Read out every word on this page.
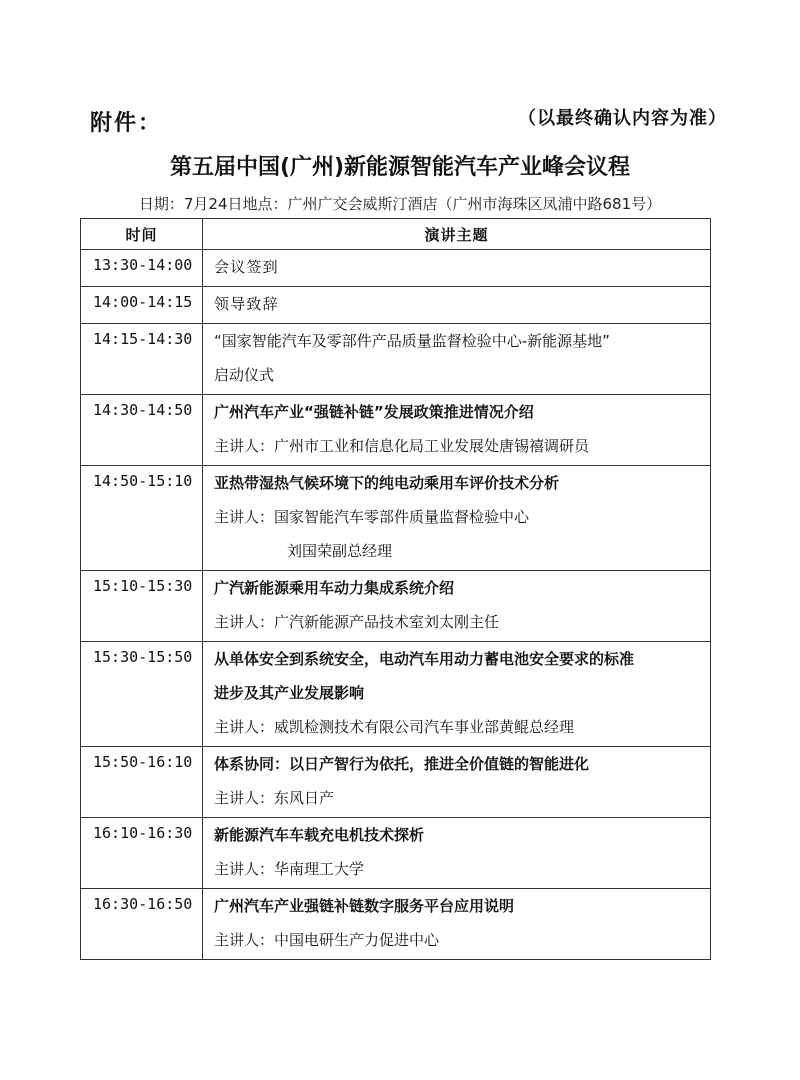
附件：	（以最终确认内容为准）
第五届中国(广州)新能源智能汽车产业峰会议程
日期：7月24日地点：广州广交会威斯汀酒店（广州市海珠区凤浦中路681号）
时间	演讲主题
13:30-14:00	会议签到

14:00-14:15	领导致辞

14:15-14:30	“国家智能汽车及零部件产品质量监督检验中心-新能源基地”
启动仪式

14:30-14:50	广州汽车产业“强链补链”发展政策推进情况介绍
主讲人：广州市工业和信息化局工业发展处唐锡禧调研员

14:50-15:10	亚热带湿热气候环境下的纯电动乘用车评价技术分析
主讲人：国家智能汽车零部件质量监督检验中心
刘国荣副总经理

15:10-15:30	广汽新能源乘用车动力集成系统介绍
主讲人：广汽新能源产品技术室刘太刚主任

15:30-15:50	从单体安全到系统安全，电动汽车用动力蓄电池安全要求的标准
进步及其产业发展影响
主讲人：威凯检测技术有限公司汽车事业部黄鲲总经理

15:50-16:10	体系协同：以日产智行为依托，推进全价值链的智能进化
主讲人：东风日产

16:10-16:30	新能源汽车车载充电机技术探析
主讲人：华南理工大学

16:30-16:50	广州汽车产业强链补链数字服务平台应用说明
主讲人：中国电研生产力促进中心
